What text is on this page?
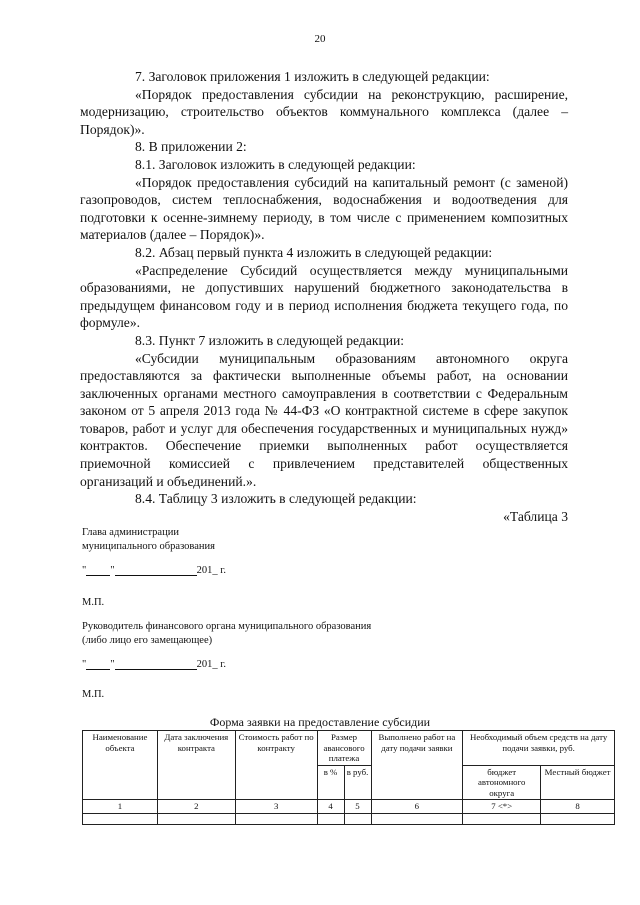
20

7. Заголовок приложения 1 изложить в следующей редакции:

«Порядок предоставления субсидии на реконструкцию, расширение, модернизацию, строительство объектов коммунального комплекса (далее – Порядок)».

8. В приложении 2:

8.1. Заголовок изложить в следующей редакции:

«Порядок предоставления субсидий на капитальный ремонт (с заменой) газопроводов, систем теплоснабжения, водоснабжения и водоотведения для подготовки к осенне-зимнему периоду, в том числе с применением композитных материалов (далее – Порядок)».

8.2. Абзац первый пункта 4 изложить в следующей редакции:

«Распределение Субсидий осуществляется между муниципальными образованиями, не допустивших нарушений бюджетного законодательства в предыдущем финансовом году и в период исполнения бюджета текущего года, по формуле».

8.3. Пункт 7 изложить в следующей редакции:

«Субсидии муниципальным образованиям автономного округа предоставляются за фактически выполненные объемы работ, на основании заключенных органами местного самоуправления в соответствии с Федеральным законом от 5 апреля 2013 года № 44-ФЗ «О контрактной системе в сфере закупок товаров, работ и услуг для обеспечения государственных и муниципальных нужд» контрактов. Обеспечение приемки выполненных работ осуществляется приемочной комиссией с привлечением представителей общественных организаций и объединений.».

8.4. Таблицу 3 изложить в следующей редакции:

«Таблица 3

Глава администрации
муниципального образования
" "	201_ г.
М.П.
Руководитель финансового органа муниципального образования
(либо лицо его замещающее)
" "	201_ г.
М.П.
Форма заявки на предоставление субсидии
Наименование объекта	Дата заключения контракта	Стоимость работ по контракту	Размер авансового платежа		Выполнено работ на дату подачи заявки	Необходимый объем средств на дату подачи заявки, руб.	
			в %	в руб.		бюджет автономного округа	Местный бюджет
1	2	3	4	5	6	7 <*>	8
